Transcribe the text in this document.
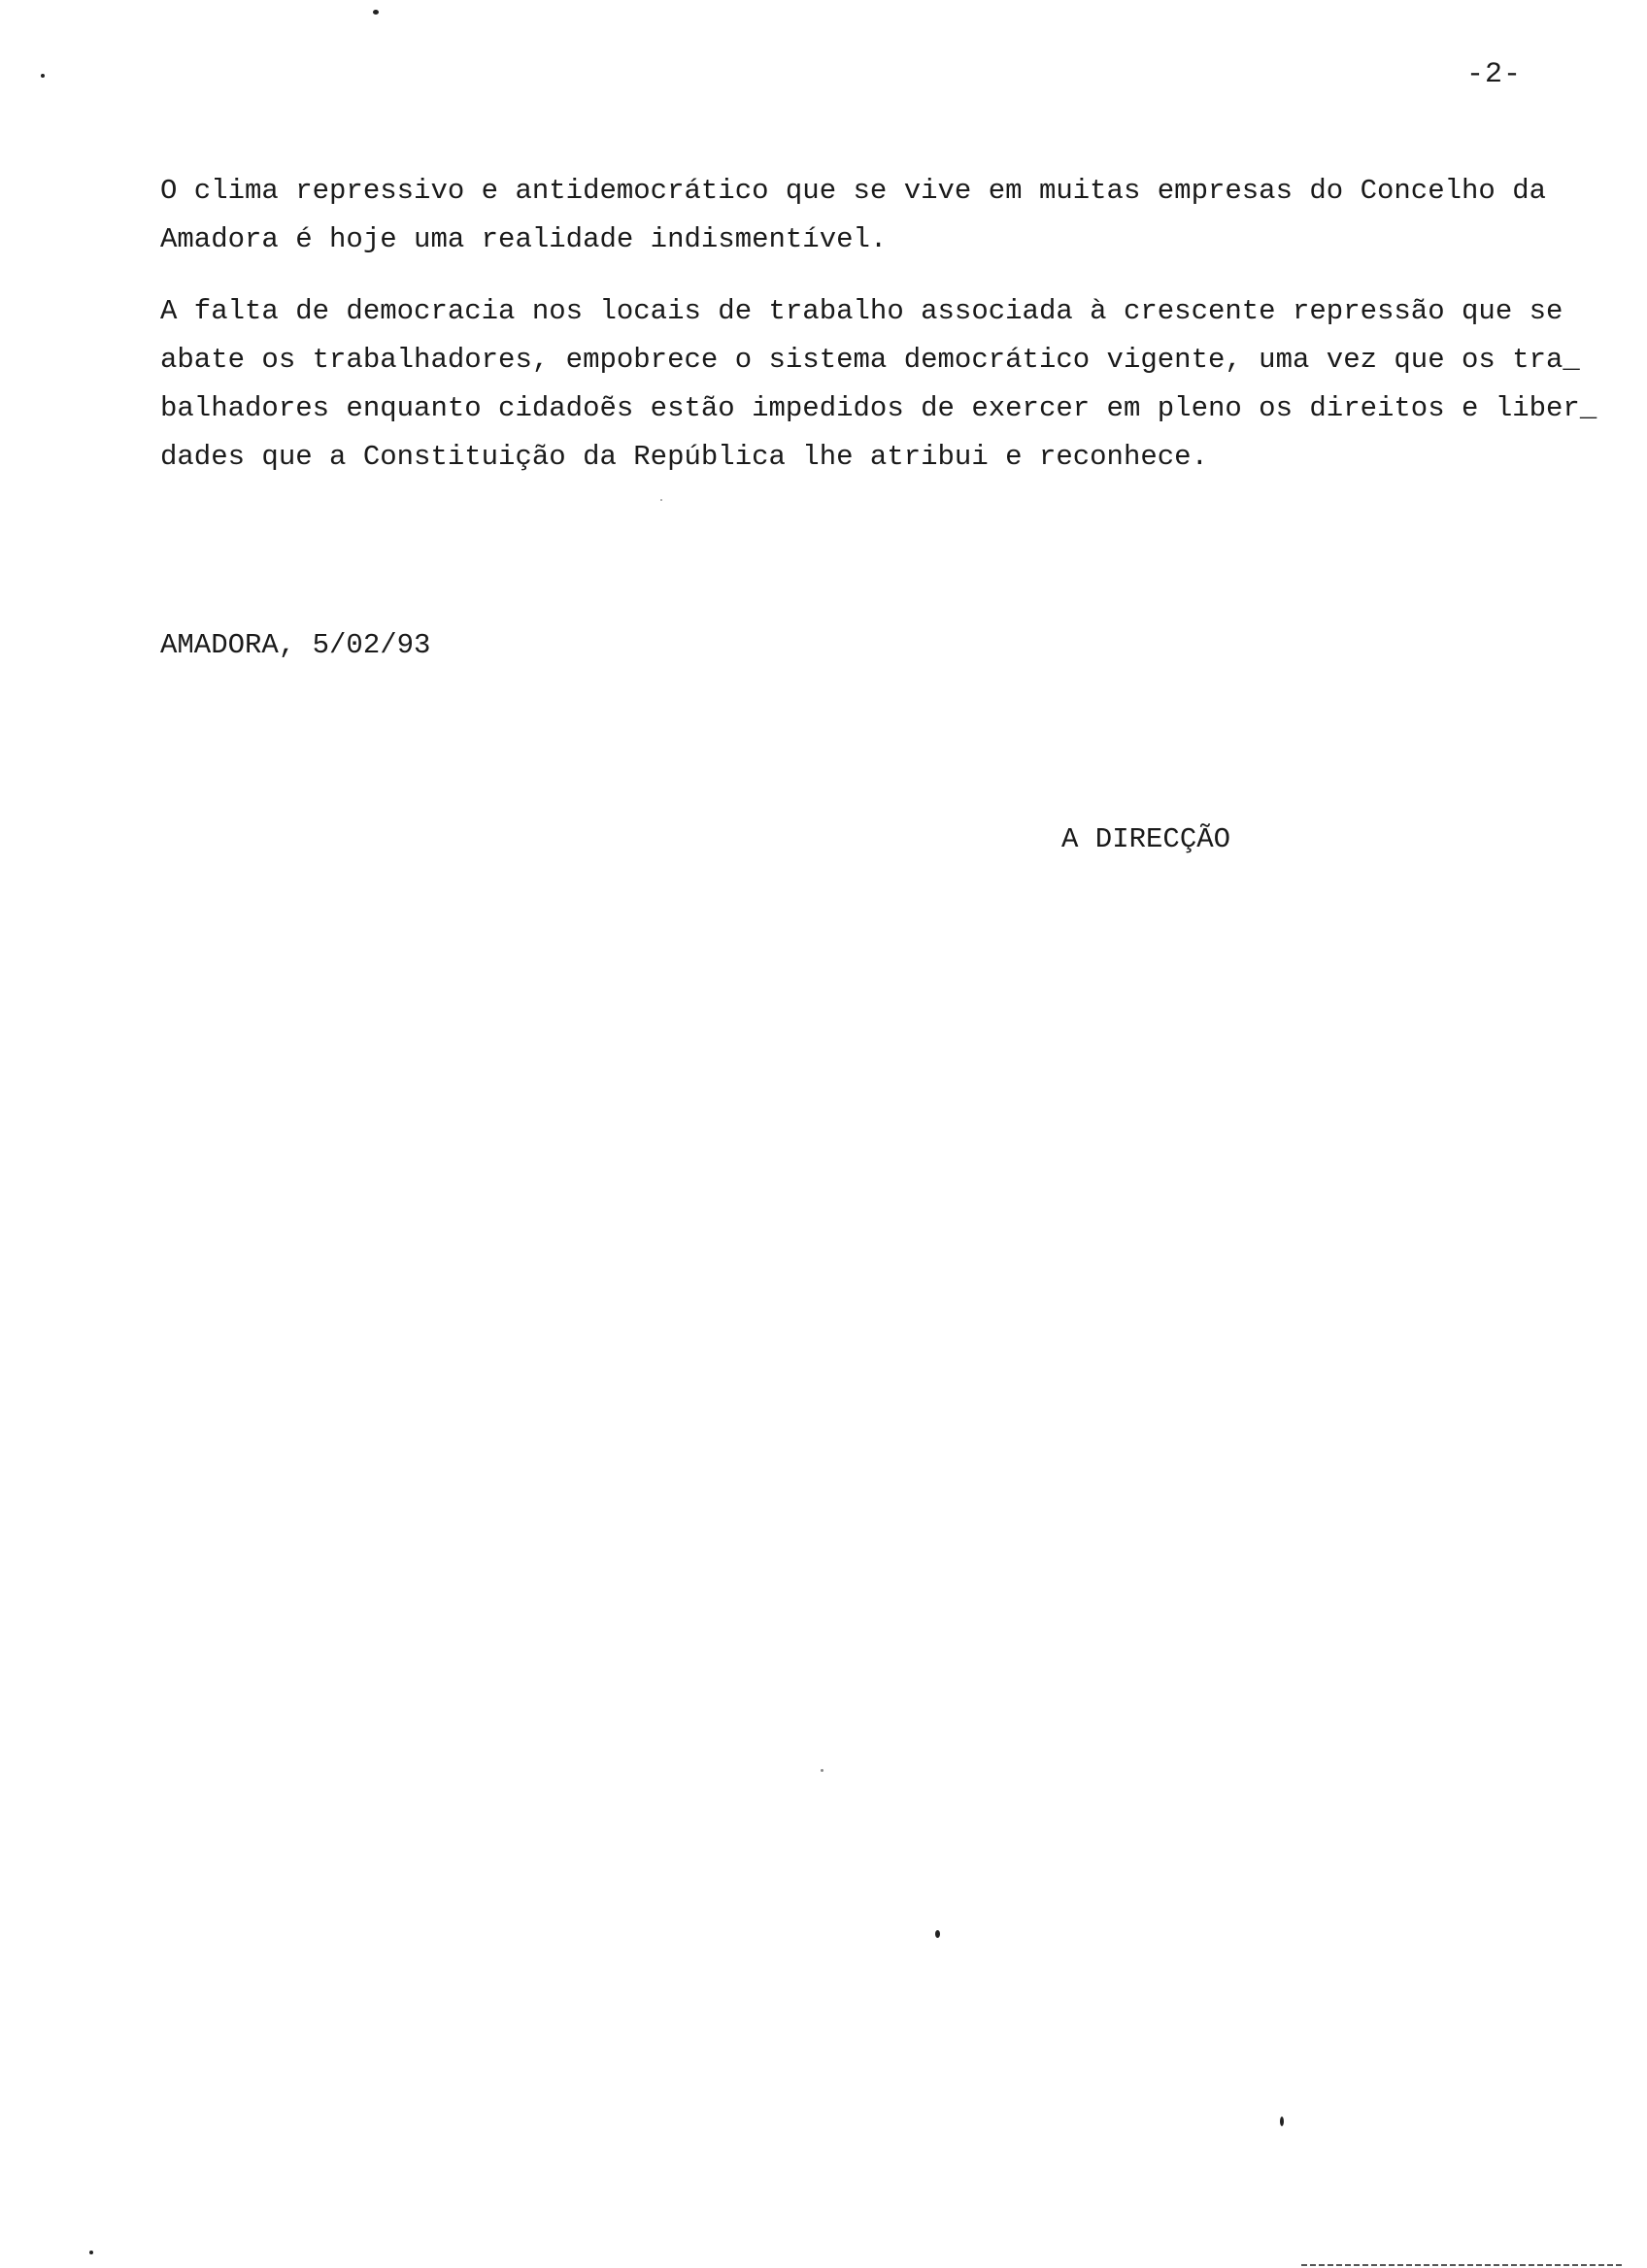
-2-

O clima repressivo e antidemocrático que se vive em muitas empresas do Concelho da
Amadora é hoje uma realidade indismentível.

A falta de democracia nos locais de trabalho associada à crescente repressão que se
abate os trabalhadores, empobrece o sistema democrático vigente, uma vez que os tra_
balhadores enquanto cidadoẽs estão impedidos de exercer em pleno os direitos e liber_
dades que a Constituição da República lhe atribui e reconhece.

AMADORA, 5/02/93
A DIRECÇÃO
